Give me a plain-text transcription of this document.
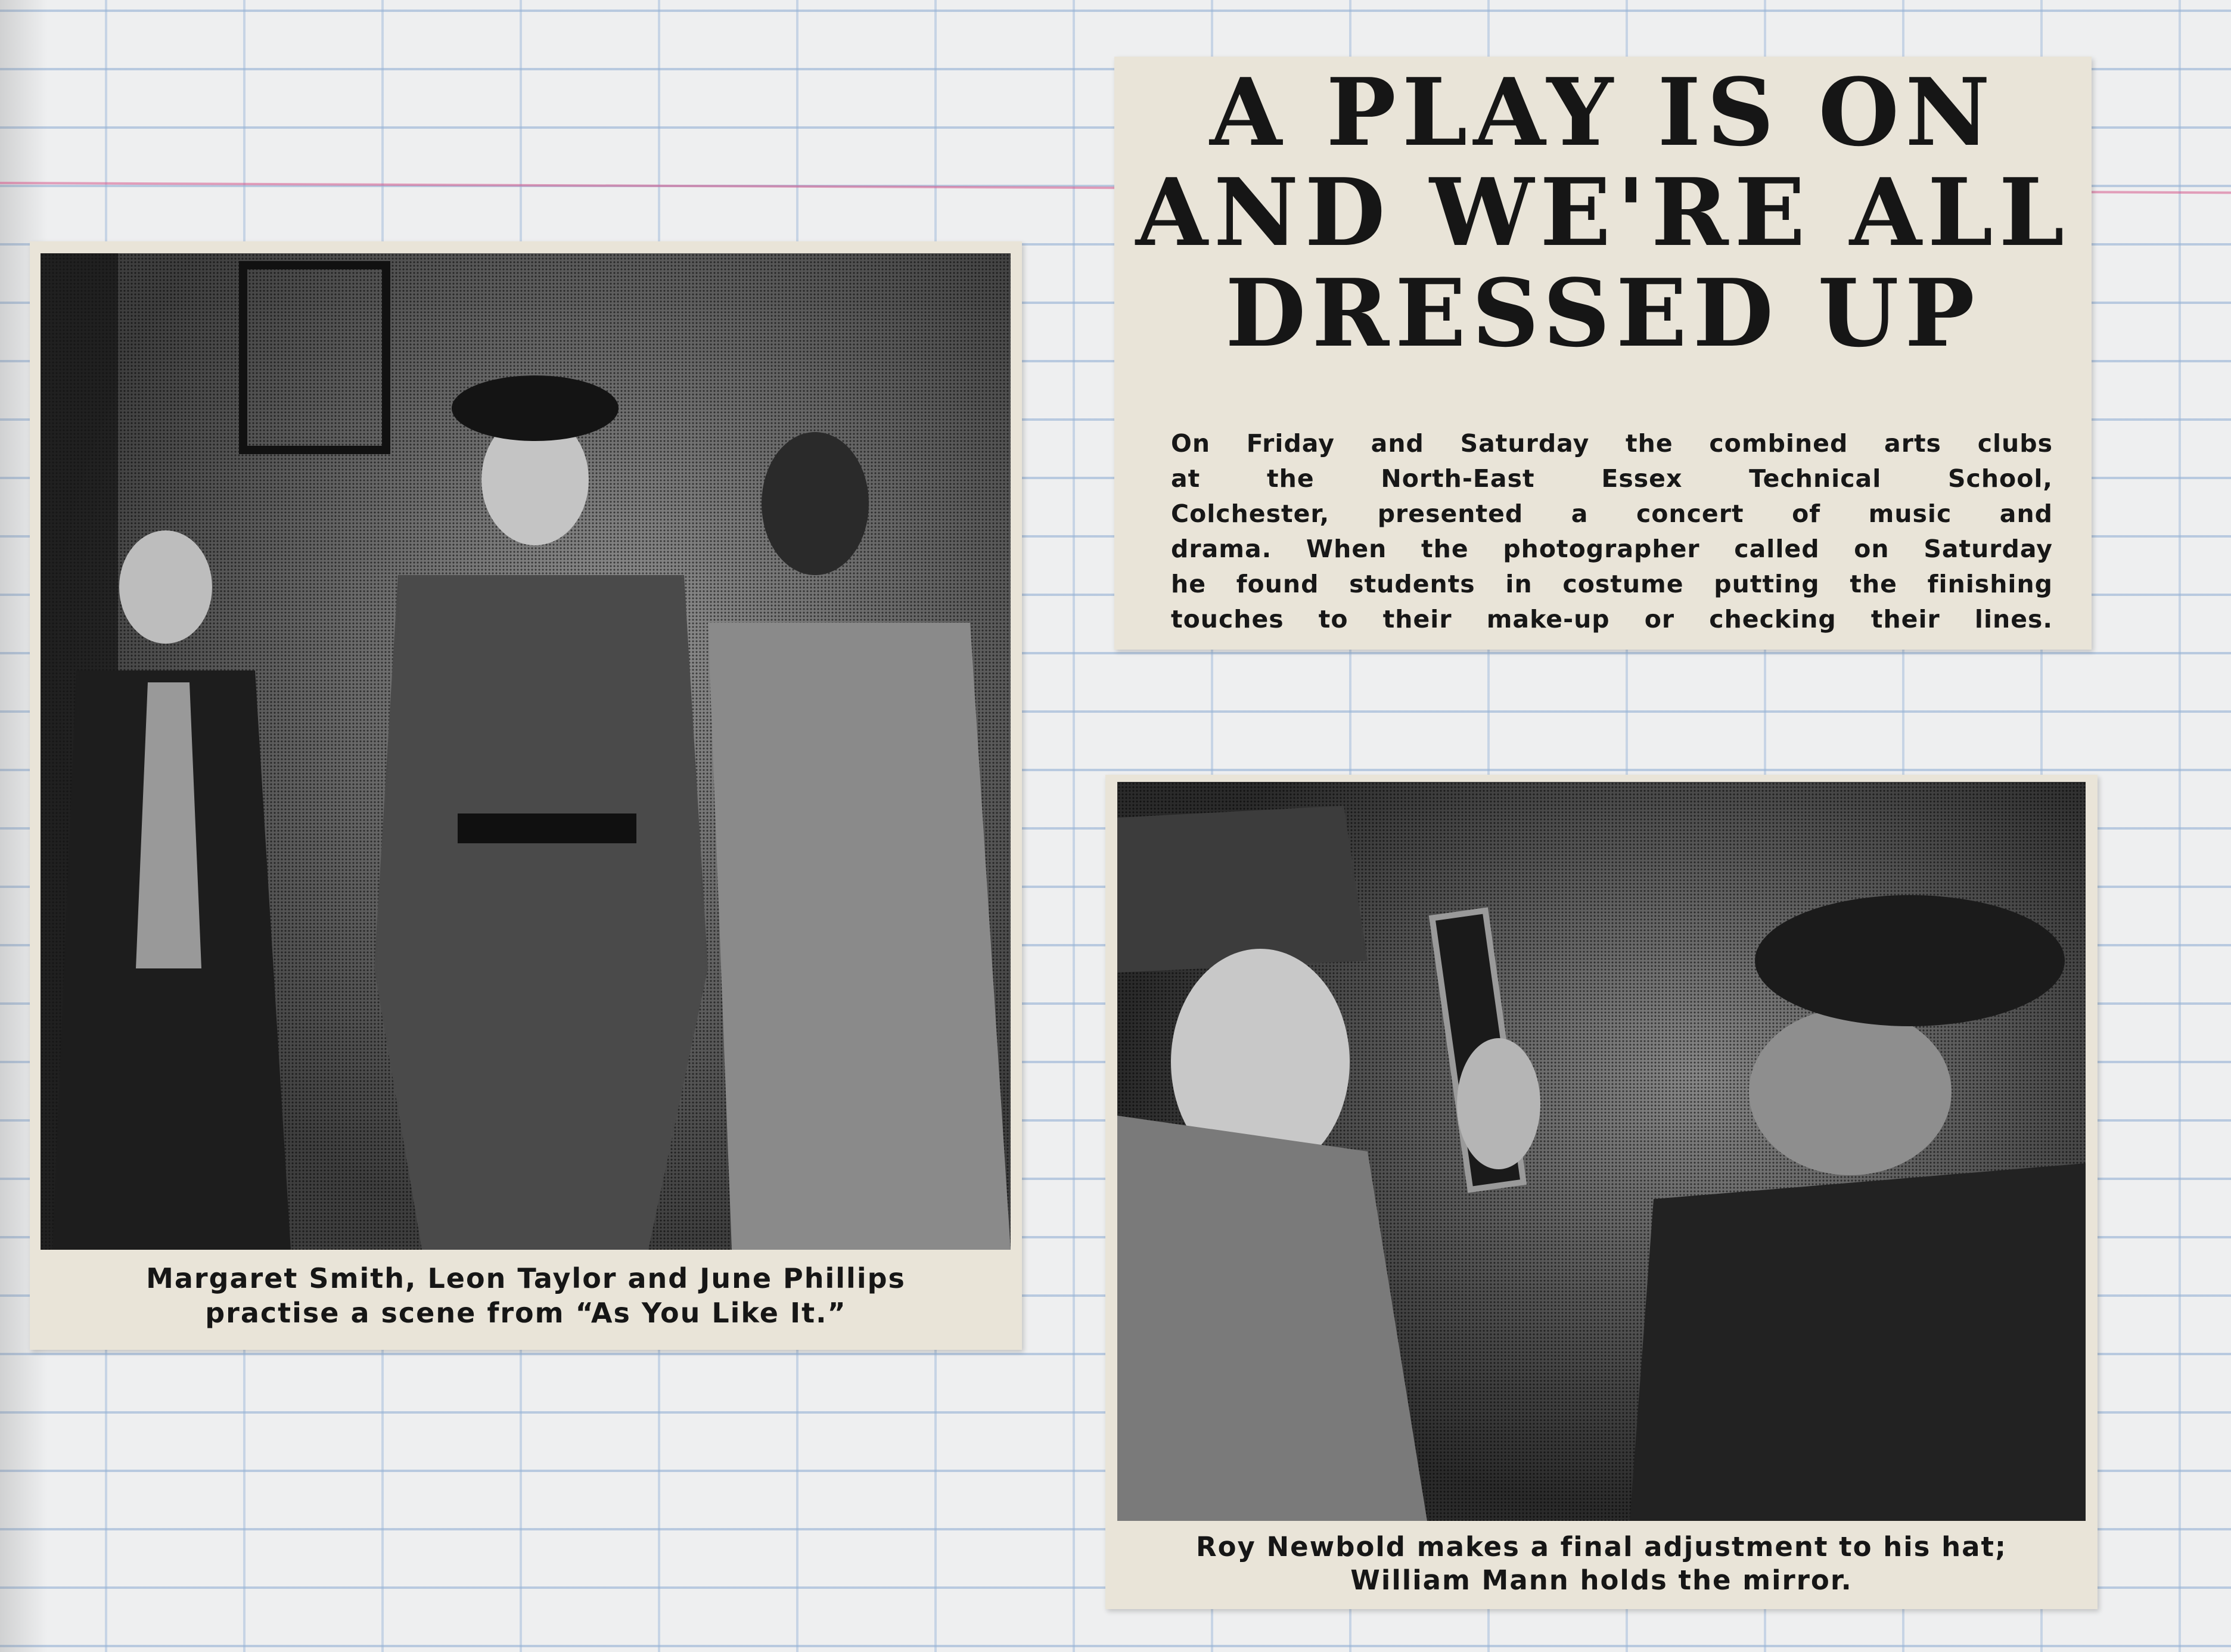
Margaret Smith, Leon Taylor and June Phillips
practise a scene from “As You Like It.”
A PLAY IS ON
AND WE'RE ALL
DRESSED UP
On Friday and Saturday the combined arts clubs
at the North-East Essex Technical School,
Colchester, presented a concert of music and
drama. When the photographer called on Saturday
he found students in costume putting the finishing
touches to their make-up or checking their lines.
Roy Newbold makes a final adjustment to his hat;
William Mann holds the mirror.
